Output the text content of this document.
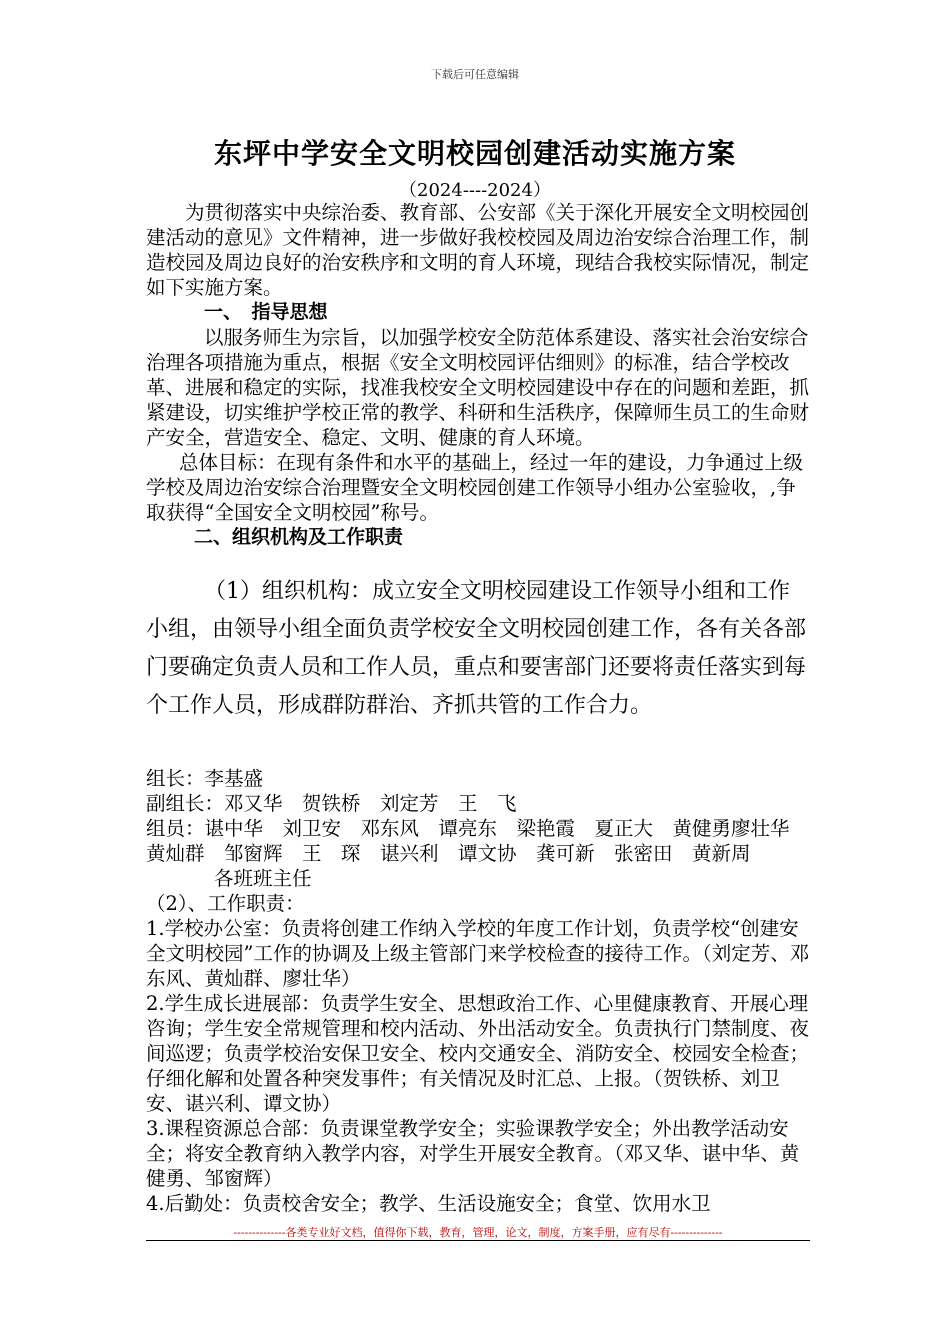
下载后可任意编辑
东坪中学安全文明校园创建活动实施方案
（2024----2024）

为贯彻落实中央综治委、教育部、公安部《关于深化开展安全文明校园创建活动的意见》文件精神，进一步做好我校校园及周边治安综合治理工作，制造校园及周边良好的治安秩序和文明的育人环境，现结合我校实际情况，制定如下实施方案。

一、　指导思想

以服务师生为宗旨，以加强学校安全防范体系建设、落实社会治安综合治理各项措施为重点，根据《安全文明校园评估细则》的标准，结合学校改革、进展和稳定的实际，找准我校安全文明校园建设中存在的问题和差距，抓紧建设，切实维护学校正常的教学、科研和生活秩序，保障师生员工的生命财产安全，营造安全、稳定、文明、健康的育人环境。

总体目标：在现有条件和水平的基础上，经过一年的建设，力争通过上级学校及周边治安综合治理暨安全文明校园创建工作领导小组办公室验收，,争取获得“全国安全文明校园”称号。

二、组织机构及工作职责

（1）组织机构：成立安全文明校园建设工作领导小组和工作小组，由领导小组全面负责学校安全文明校园创建工作，各有关各部门要确定负责人员和工作人员，重点和要害部门还要将责任落实到每个工作人员，形成群防群治、齐抓共管的工作合力。

组长：李基盛

副组长：邓又华　贺铁桥　刘定芳　王　飞

组员：谌中华　刘卫安　邓东风　谭亮东　梁艳霞　夏正大　黄健勇廖壮华　黄灿群　邹窗辉　王　琛　谌兴利　谭文协　龚可新　张密田　黄新周

各班班主任

（2）、工作职责：

1.学校办公室：负责将创建工作纳入学校的年度工作计划，负责学校“创建安全文明校园”工作的协调及上级主管部门来学校检查的接待工作。（刘定芳、邓东风、黄灿群、廖壮华）

2.学生成长进展部：负责学生安全、思想政治工作、心里健康教育、开展心理咨询；学生安全常规管理和校内活动、外出活动安全。负责执行门禁制度、夜间巡逻；负责学校治安保卫安全、校内交通安全、消防安全、校园安全检查；仔细化解和处置各种突发事件；有关情况及时汇总、上报。（贺铁桥、刘卫安、谌兴利、谭文协）

3.课程资源总合部：负责课堂教学安全；实验课教学安全；外出教学活动安全；将安全教育纳入教学内容，对学生开展安全教育。（邓又华、谌中华、黄健勇、邹窗辉）

4.后勤处：负责校舍安全；教学、生活设施安全；食堂、饮用水卫

--------------各类专业好文档，值得你下载，教育，管理，论文，制度，方案手册，应有尽有--------------
